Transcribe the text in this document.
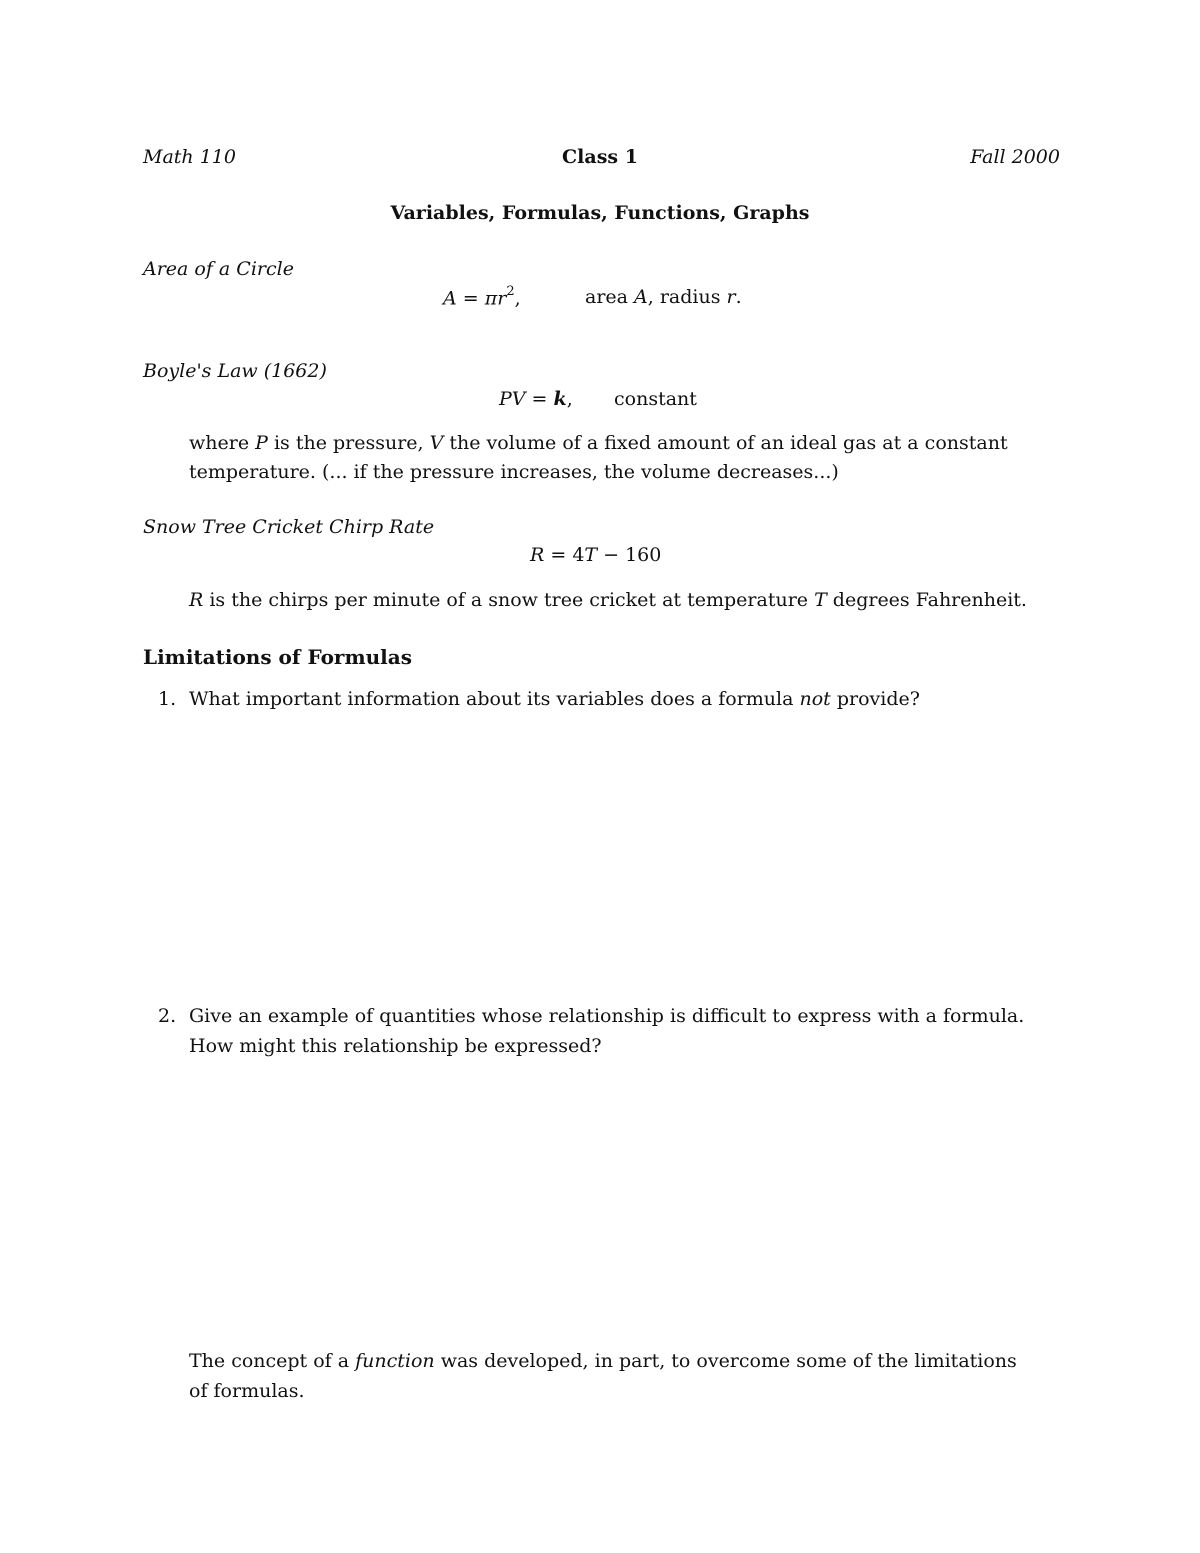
Math 110	Class 1	Fall 2000
Variables, Formulas, Functions, Graphs
Area of a Circle
$A = \pi r^2$,	area A, radius r.
Boyle's Law (1662)
PV = k, constant
where P is the pressure, V the volume of a fixed amount of an ideal gas at a constant
temperature. (... if the pressure increases, the volume decreases...)
Snow Tree Cricket Chirp Rate
R = 4T − 160
R is the chirps per minute of a snow tree cricket at temperature T degrees Fahrenheit.
Limitations of Formulas
1. What important information about its variables does a formula not provide?
2. Give an example of quantities whose relationship is difficult to express with a formula.
How might this relationship be expressed?
The concept of a function was developed, in part, to overcome some of the limitations
of formulas.
